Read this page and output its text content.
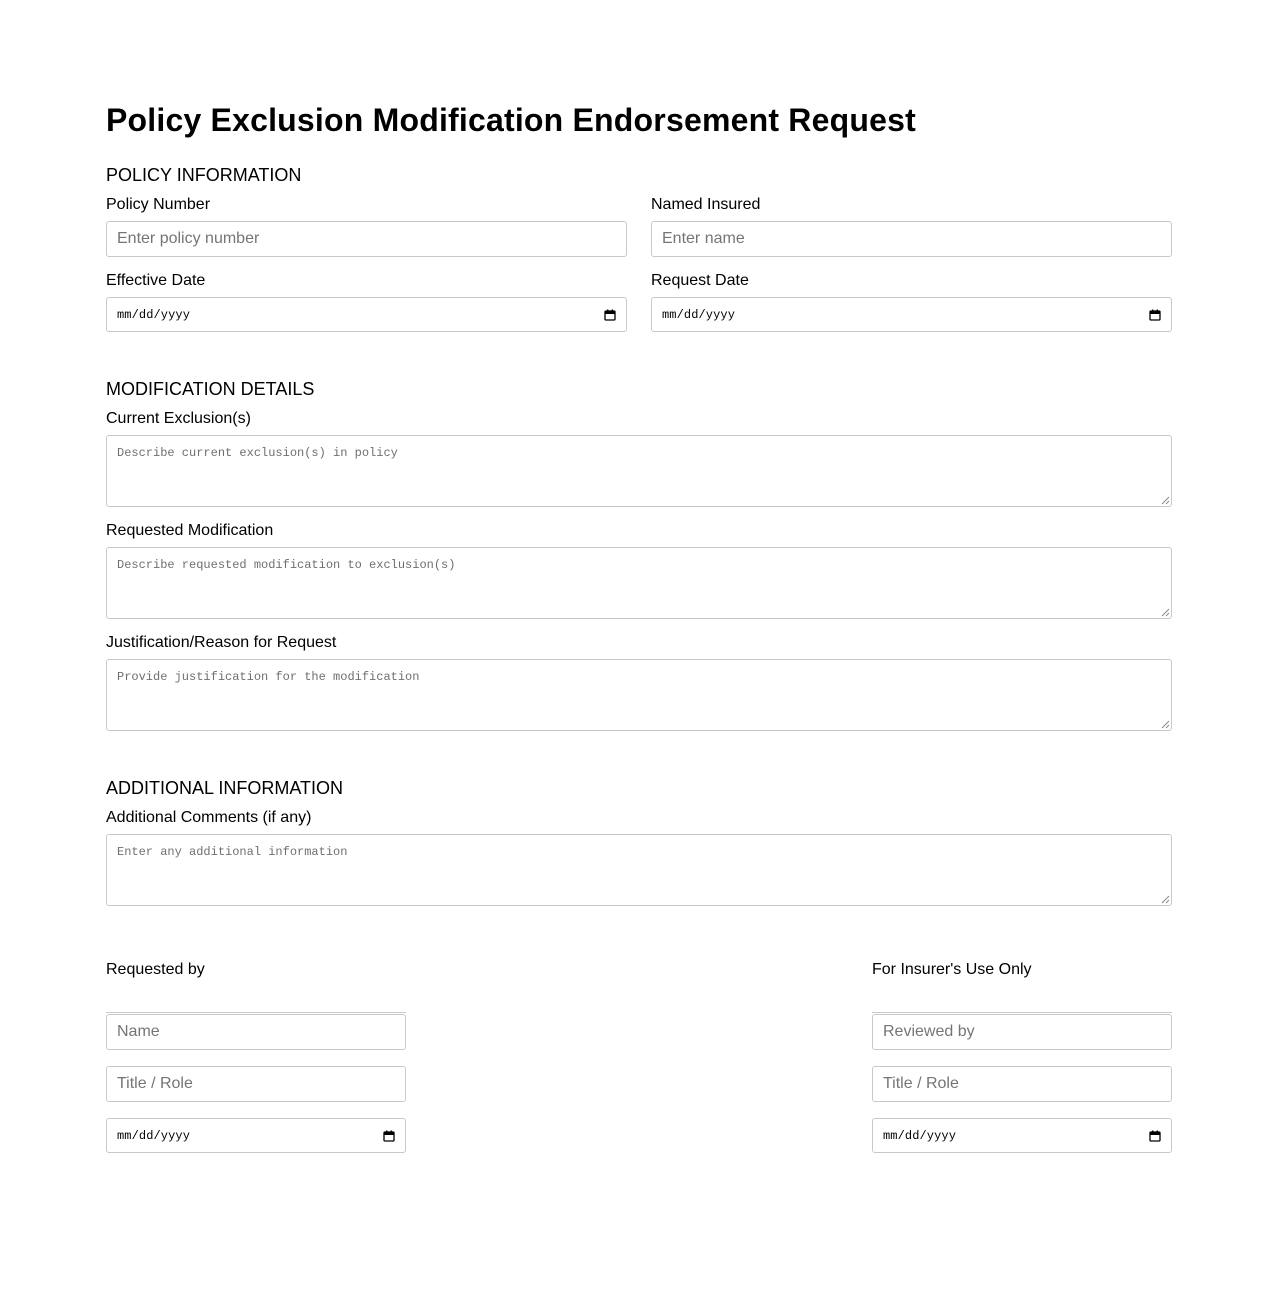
Policy Exclusion Modification Endorsement Request
POLICY INFORMATION
Policy Number
Enter policy number	Named Insured
Enter name
Effective Date
mm/dd/yyyy
Request Date
mm/dd/yyyy
MODIFICATION DETAILS
Current Exclusion(s)
Describe current exclusion(s) in policy
Requested Modification
Describe requested modification to exclusion(s)
Justification/Reason for Request
Provide justification for the modification
ADDITIONAL INFORMATION
Additional Comments (if any)
Enter any additional information
Requested by
Name
Title / Role
mm/dd/yyyy
For Insurer's Use Only
Reviewed by
Title / Role
mm/dd/yyyy
